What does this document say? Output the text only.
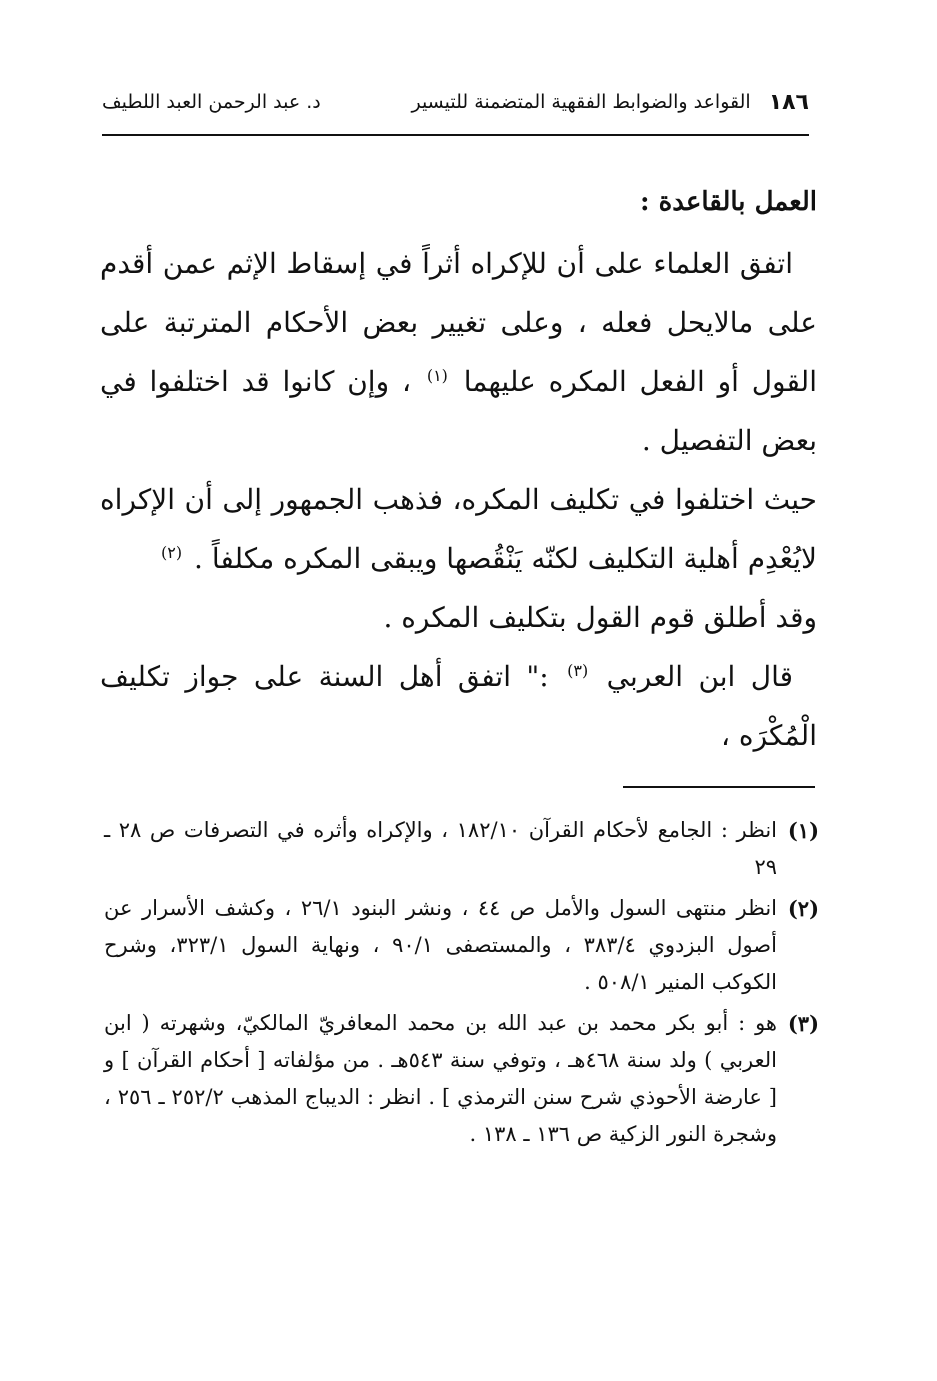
١٨٦
القواعد والضوابط الفقهية المتضمنة للتيسير
د. عبد الرحمن العبد اللطيف
العمل بالقاعدة :

اتفق العلماء على أن للإكراه أثراً في إسقاط الإثم عمن أقدم على مالايحل فعله ، وعلى تغيير بعض الأحكام المترتبة على القول أو الفعل المكره عليهما $^{(١)}$ ، وإن كانوا قد اختلفوا في بعض التفصيل .

حيث اختلفوا في تكليف المكره، فذهب الجمهور إلى أن الإكراه لايُعْدِم أهلية التكليف لكنّه يَنْقُصها ويبقى المكره مكلفاً . $^{(٢)}$

وقد أطلق قوم القول بتكليف المكره .

قال ابن العربي $^{(٣)}$ :" اتفق أهل السنة على جواز تكليف الْمُكْرَه ،

(١)
انظر : الجامع لأحكام القرآن ١٨٢/١٠ ، والإكراه وأثره في التصرفات ص ٢٨ ـ ٢٩
(٢)
انظر منتهى السول والأمل ص ٤٤ ، ونشر البنود ٢٦/١ ، وكشف الأسرار عن أصول البزدوي ٣٨٣/٤ ، والمستصفى ٩٠/١ ، ونهاية السول ٣٢٣/١، وشرح الكوكب المنير ٥٠٨/١ .
(٣)
هو : أبو بكر محمد بن عبد الله بن محمد المعافريّ المالكيّ، وشهرته ( ابن العربي ) ولد سنة ٤٦٨هـ ، وتوفي سنة ٥٤٣هـ . من مؤلفاته [ أحكام القرآن ] و [ عارضة الأحوذي شرح سنن الترمذي ] . انظر : الديباج المذهب ٢٥٢/٢ ـ ٢٥٦ ، وشجرة النور الزكية ص ١٣٦ ـ ١٣٨ .
